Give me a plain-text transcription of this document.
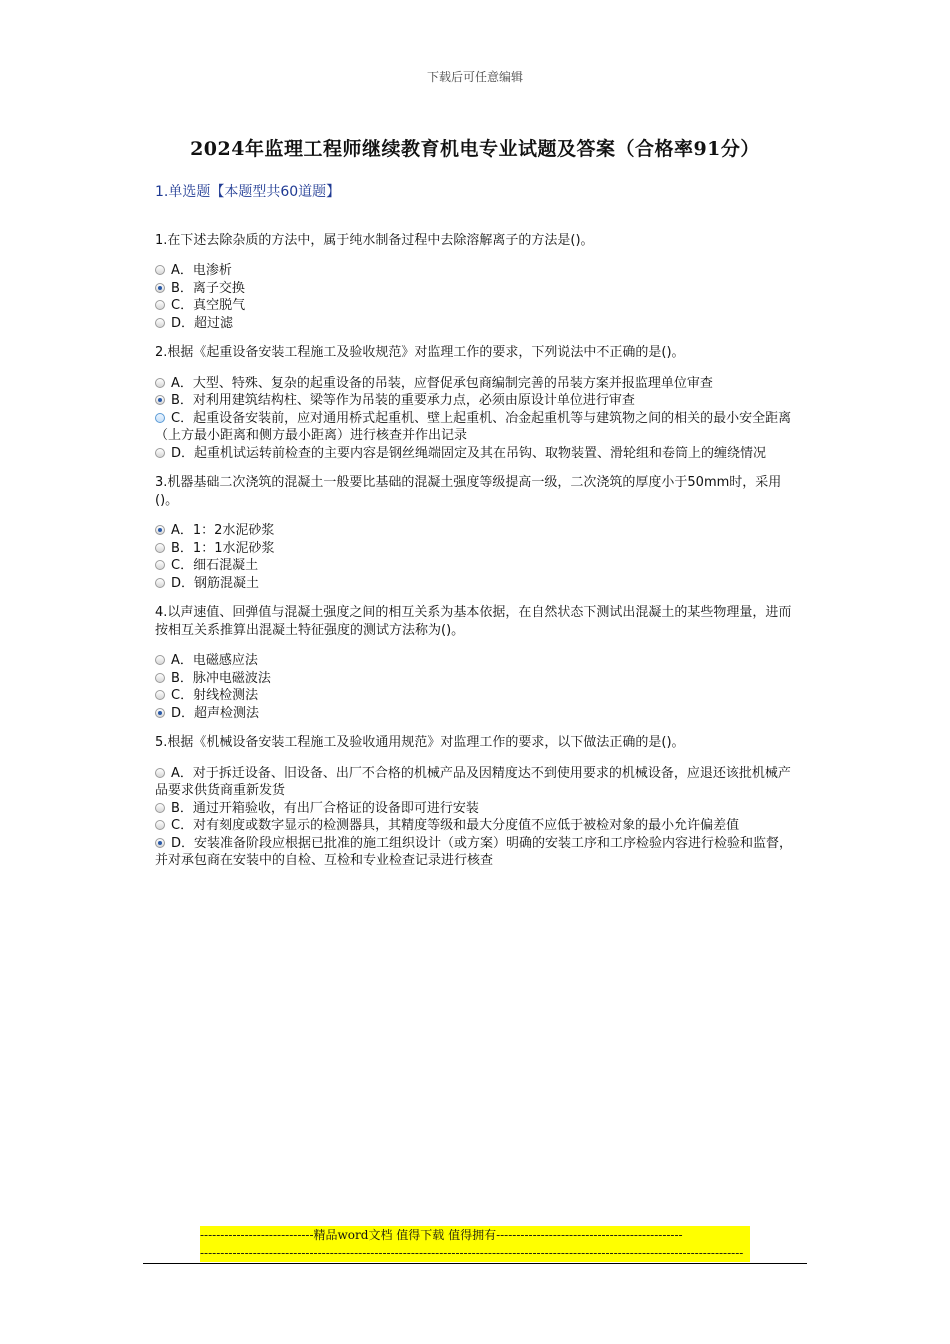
下载后可任意编辑
2024年监理工程师继续教育机电专业试题及答案（合格率91分）
1.单选题【本题型共60道题】
1.在下述去除杂质的方法中，属于纯水制备过程中去除溶解离子的方法是()。
A．电渗析
B．离子交换
C．真空脱气
D．超过滤
2.根据《起重设备安装工程施工及验收规范》对监理工作的要求，下列说法中不正确的是()。
A．大型、特殊、复杂的起重设备的吊装，应督促承包商编制完善的吊装方案并报监理单位审查
B．对利用建筑结构柱、梁等作为吊装的重要承力点，必须由原设计单位进行审查
C．起重设备安装前，应对通用桥式起重机、壁上起重机、冶金起重机等与建筑物之间的相关的最小安全距离（上方最小距离和侧方最小距离）进行核查并作出记录
D．起重机试运转前检查的主要内容是钢丝绳端固定及其在吊钩、取物装置、滑轮组和卷筒上的缠绕情况
3.机器基础二次浇筑的混凝土一般要比基础的混凝土强度等级提高一级，二次浇筑的厚度小于50mm时，采用()。
A．1：2水泥砂浆
B．1：1水泥砂浆
C．细石混凝土
D．钢筋混凝土
4.以声速值、回弹值与混凝土强度之间的相互关系为基本依据，在自然状态下测试出混凝土的某些物理量，进而按相互关系推算出混凝土特征强度的测试方法称为()。
A．电磁感应法
B．脉冲电磁波法
C．射线检测法
D．超声检测法
5.根据《机械设备安装工程施工及验收通用规范》对监理工作的要求，以下做法正确的是()。
A．对于拆迁设备、旧设备、出厂不合格的机械产品及因精度达不到使用要求的机械设备，应退还该批机械产品要求供货商重新发货
B．通过开箱验收，有出厂合格证的设备即可进行安装
C．对有刻度或数字显示的检测器具，其精度等级和最大分度值不应低于被检对象的最小允许偏差值
D．安装准备阶段应根据已批准的施工组织设计（或方案）明确的安装工序和工序检验内容进行检验和监督，并对承包商在安装中的自检、互检和专业检查记录进行核查
----------------------------精品word文档 值得下载 值得拥有----------------------------------------------
--------------------------------------------------------------------------------------------------------------------------------------
